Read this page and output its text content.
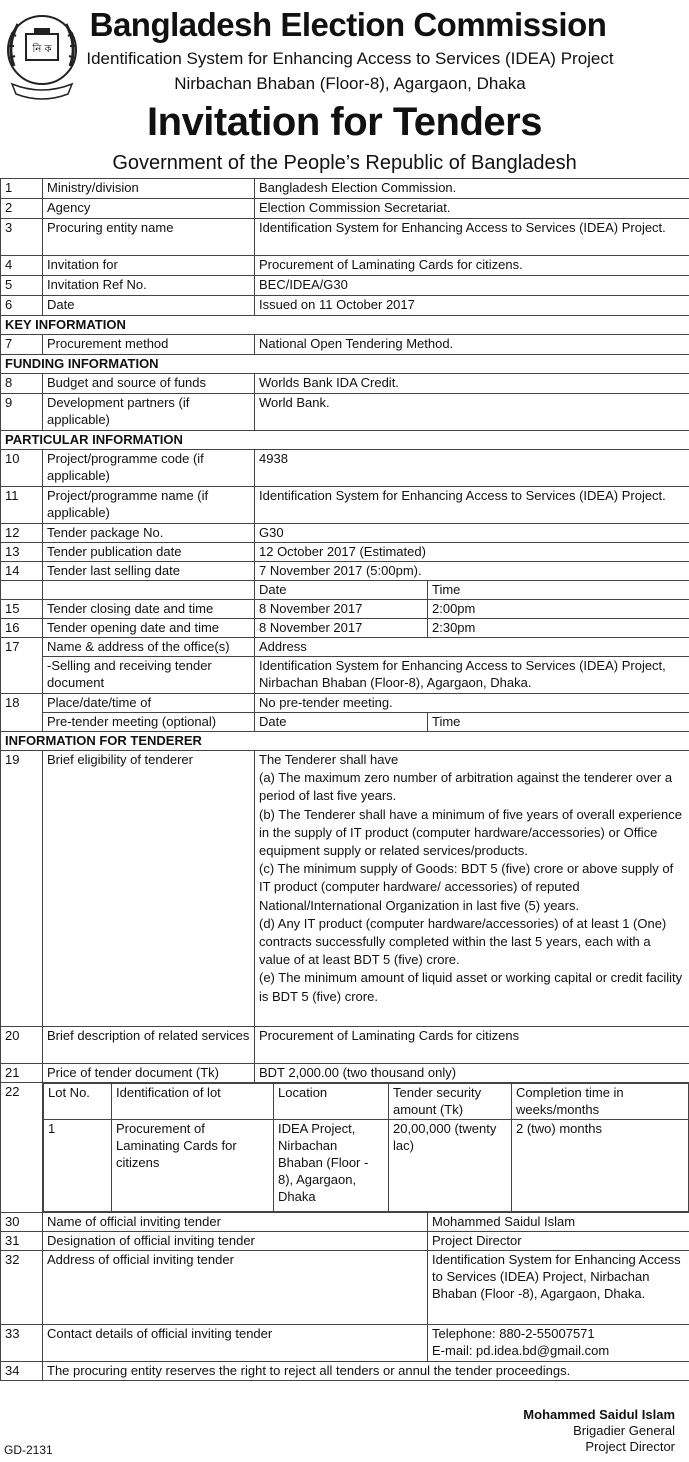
নি ক
Bangladesh Election Commission
Identification System for Enhancing Access to Services (IDEA) Project
Nirbachan Bhaban (Floor-8), Agargaon, Dhaka
Invitation for Tenders
Government of the People’s Republic of Bangladesh
1	Ministry/division	Bangladesh Election Commission.
2	Agency	Election Commission Secretariat.
3	Procuring entity name	Identification System for Enhancing Access to Services (IDEA) Project.
4	Invitation for	Procurement of Laminating Cards for citizens.
5	Invitation Ref No.	BEC/IDEA/G30
6	Date	Issued on 11 October 2017
KEY INFORMATION
7	Procurement method	National Open Tendering Method.
FUNDING INFORMATION
8	Budget and source of funds	Worlds Bank IDA Credit.
9	Development partners (if applicable)	World Bank.
PARTICULAR INFORMATION
10	Project/programme code (if applicable)	4938
11	Project/programme name (if applicable)	Identification System for Enhancing Access to Services (IDEA) Project.
12	Tender package No.	G30
13	Tender publication date	12 October 2017 (Estimated)
14	Tender last selling date	7 November 2017 (5:00pm).
		Date	Time
15	Tender closing date and time	8 November 2017	2:00pm
16	Tender opening date and time	8 November 2017	2:30pm
17	Name & address of the office(s)	Address
-Selling and receiving tender document	Identification System for Enhancing Access to Services (IDEA) Project, Nirbachan Bhaban (Floor-8), Agargaon, Dhaka.
18	Place/date/time of	No pre-tender meeting.
Pre-tender meeting (optional)	Date	Time
INFORMATION FOR TENDERER
19	Brief eligibility of tenderer	The Tenderer shall have
(a) The maximum zero number of arbitration against the tenderer over a period of last five years.
(b) The Tenderer shall have a minimum of five years of overall experience in the supply of IT product (computer hardware/accessories) or Office equipment supply or related services/products.
(c) The minimum supply of Goods: BDT 5 (five) crore or above supply of IT product (computer hardware/ accessories) of reputed National/International Organization in last five (5) years.
(d) Any IT product (computer hardware/accessories) of at least 1 (One) contracts successfully completed within the last 5 years, each with a value of at least BDT 5 (five) crore.
(e) The minimum amount of liquid asset or working capital or credit facility is BDT 5 (five) crore.

20	Brief description of related services	Procurement of Laminating Cards for citizens
21	Price of tender document (Tk)	BDT 2,000.00 (two thousand only)
22	Lot No.	Identification of lot	Location	Tender security amount (Tk)	Completion time in weeks/months
1	Procurement of Laminating Cards for citizens	IDEA Project, Nirbachan Bhaban (Floor - 8), Agargaon, Dhaka	20,00,000 (twenty lac)	2 (two) months

30	Name of official inviting tender	Mohammed Saidul Islam
31	Designation of official inviting tender	Project Director
32	Address of official inviting tender	Identification System for Enhancing Access to Services (IDEA) Project, Nirbachan Bhaban (Floor -8), Agargaon, Dhaka.
33	Contact details of official inviting tender	Telephone: 880-2-55007571
E-mail: pd.idea.bd@gmail.com

34	The procuring entity reserves the right to reject all tenders or annul the tender proceedings.
Mohammed Saidul Islam
Brigadier General
Project Director
GD-2131
